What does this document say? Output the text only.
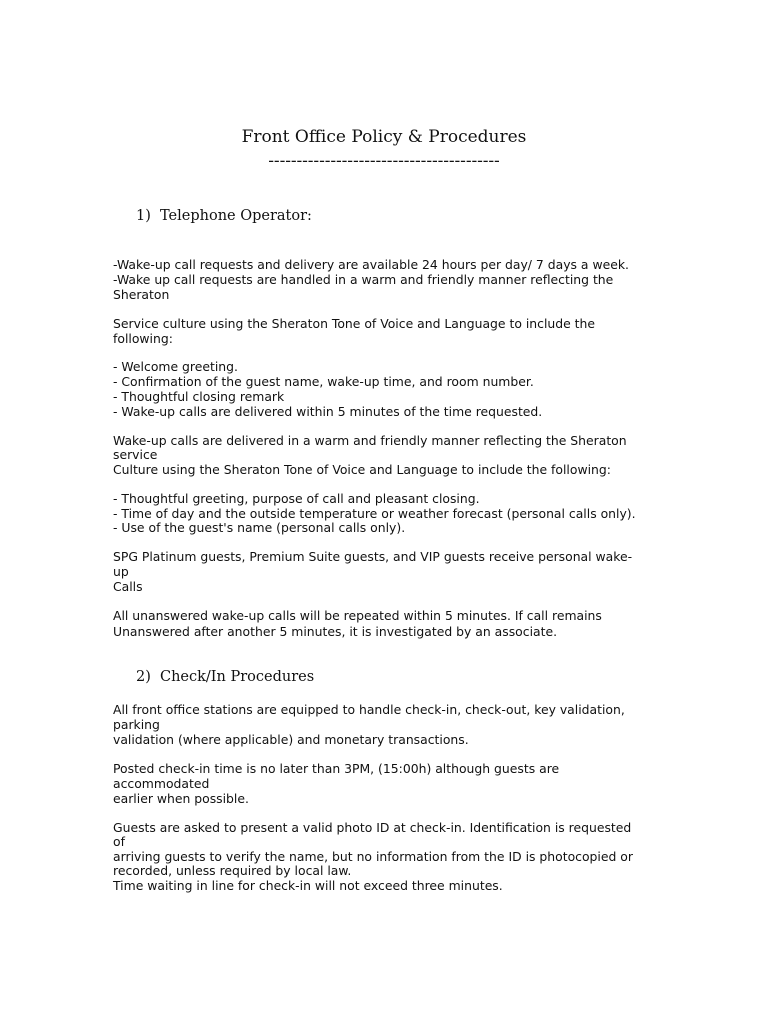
Front Office Policy & Procedures
-----------------------------------------
1) Telephone Operator:

-Wake-up call requests and delivery are available 24 hours per day/ 7 days a week.

-Wake up call requests are handled in a warm and friendly manner reflecting the

Sheraton

Service culture using the Sheraton Tone of Voice and Language to include the

following:

- Welcome greeting.

- Confirmation of the guest name, wake-up time, and room number.

- Thoughtful closing remark

- Wake-up calls are delivered within 5 minutes of the time requested.

Wake-up calls are delivered in a warm and friendly manner reflecting the Sheraton

service

Culture using the Sheraton Tone of Voice and Language to include the following:

- Thoughtful greeting, purpose of call and pleasant closing.

- Time of day and the outside temperature or weather forecast (personal calls only).

- Use of the guest's name (personal calls only).

SPG Platinum guests, Premium Suite guests, and VIP guests receive personal wake-

up

Calls

All unanswered wake-up calls will be repeated within 5 minutes. If call remains

Unanswered after another 5 minutes, it is investigated by an associate.

2) Check/In Procedures

All front office stations are equipped to handle check-in, check-out, key validation,

parking

validation (where applicable) and monetary transactions.

Posted check-in time is no later than 3PM, (15:00h) although guests are

accommodated

earlier when possible.

Guests are asked to present a valid photo ID at check-in. Identification is requested

of

arriving guests to verify the name, but no information from the ID is photocopied or

recorded, unless required by local law.

Time waiting in line for check-in will not exceed three minutes.
